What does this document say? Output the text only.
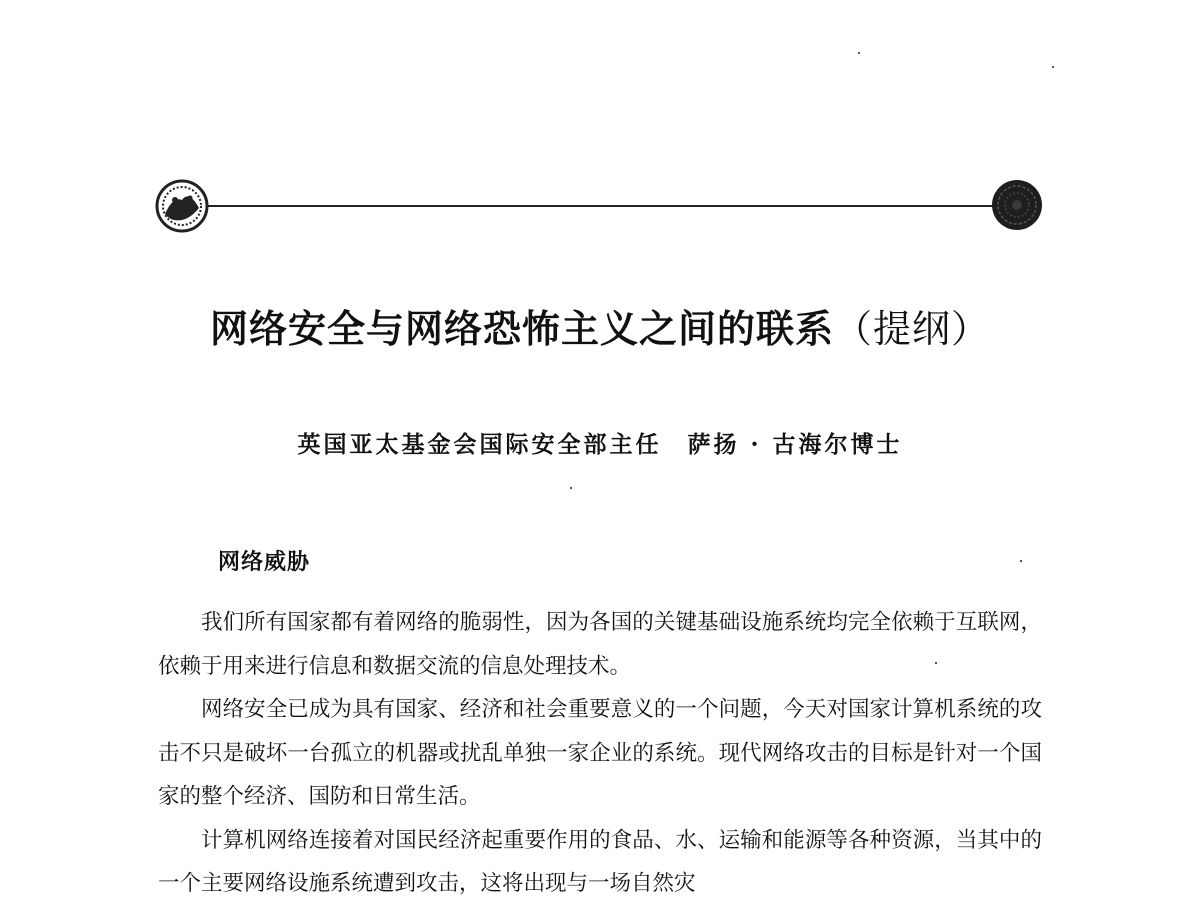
网络安全与网络恐怖主义之间的联系（提纲）
英国亚太基金会国际安全部主任 萨扬 · 古海尔博士
网络威胁

我们所有国家都有着网络的脆弱性，因为各国的关键基础设施系统均完全依赖于互联网，依赖于用来进行信息和数据交流的信息处理技术。

网络安全已成为具有国家、经济和社会重要意义的一个问题，今天对国家计算机系统的攻击不只是破坏一台孤立的机器或扰乱单独一家企业的系统。现代网络攻击的目标是针对一个国家的整个经济、国防和日常生活。

计算机网络连接着对国民经济起重要作用的食品、水、运输和能源等各种资源，当其中的一个主要网络设施系统遭到攻击，这将出现与一场自然灾
